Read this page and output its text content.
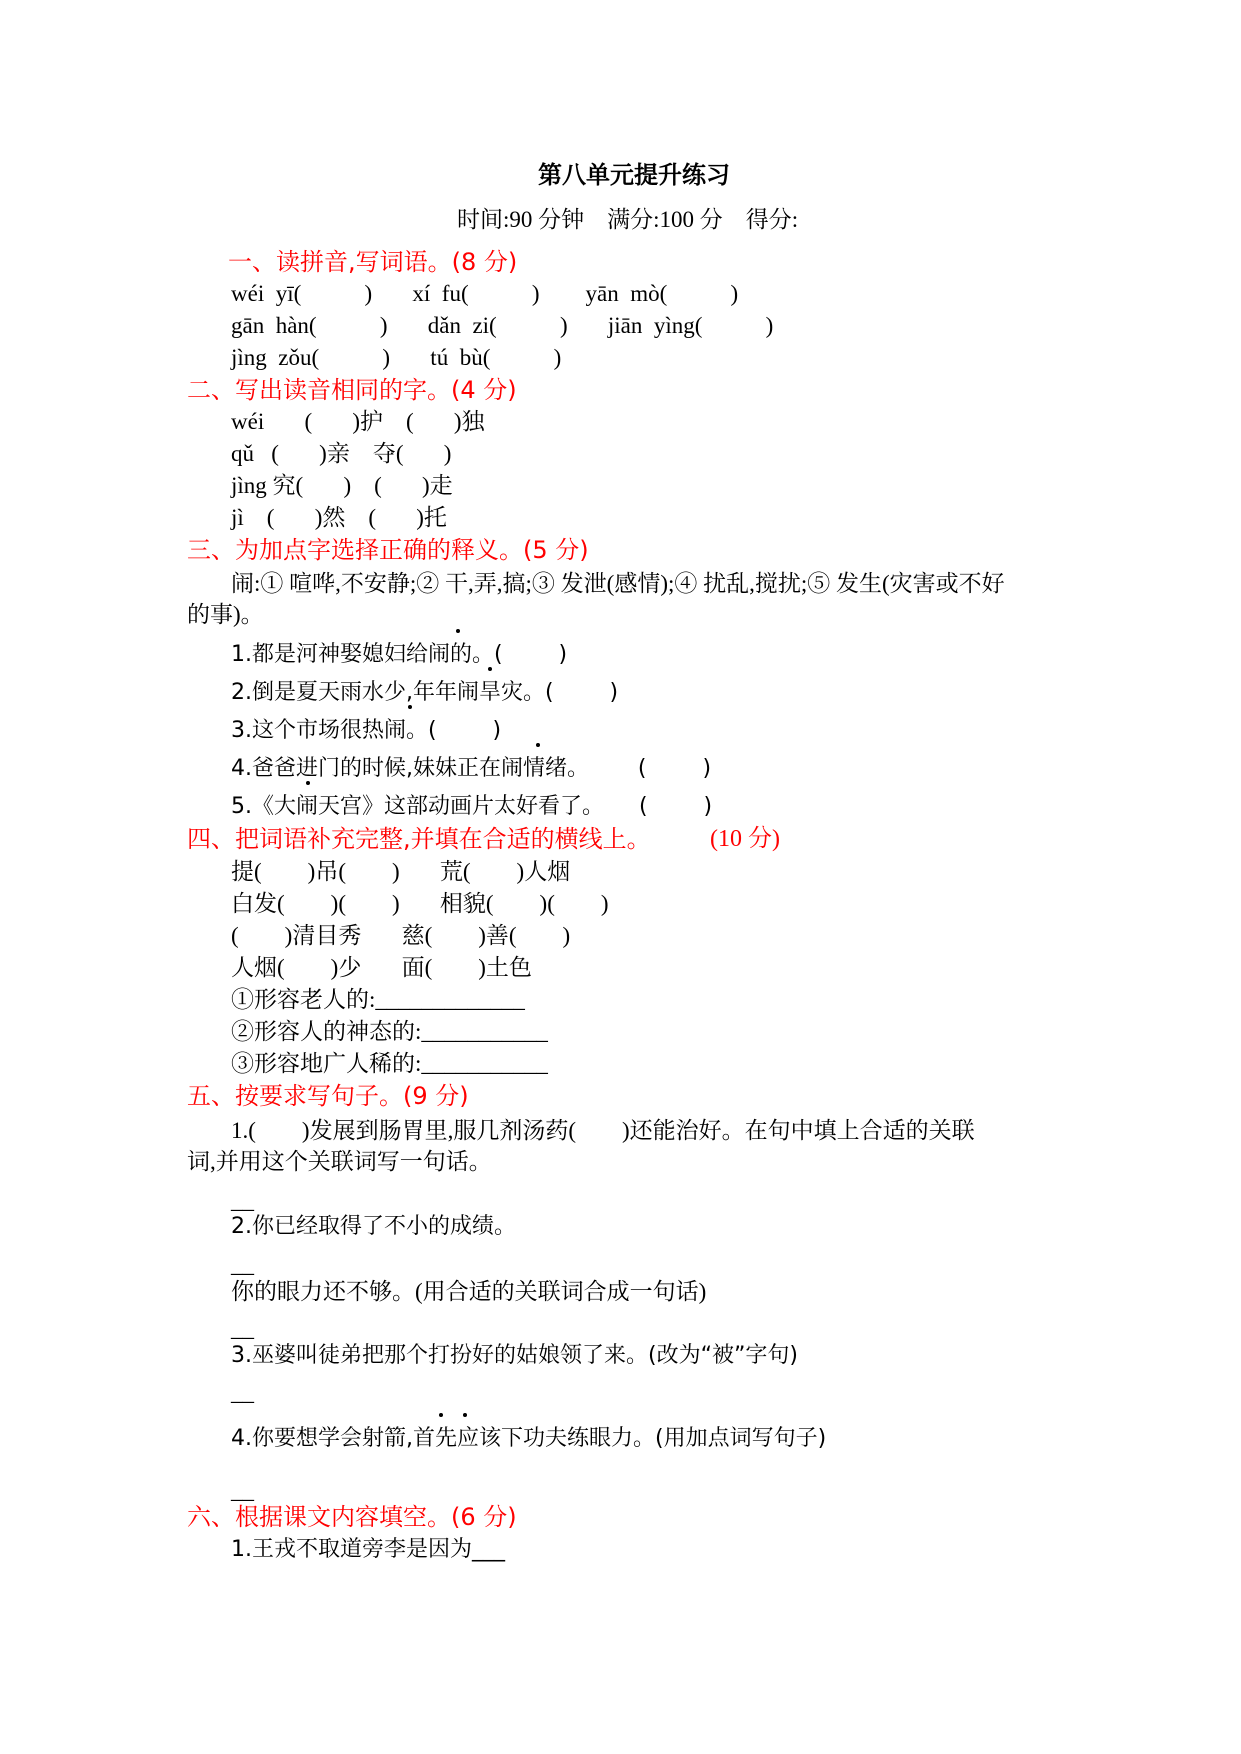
第八单元提升练习
时间:90 分钟    满分:100 分    得分:
一、读拼音,写词语。(8 分)
wéi  yī(           )       xí  fu(           )        yān  mò(           )
gān  hàn(           )       dǎn  zi(           )       jiān  yìng(           )
jìng  zǒu(           )       tú  bù(           )
二、写出读音相同的字。(4 分)
wéi       (       )护    (       )独
qǔ   (       )亲    夺(       )
jìng 究(       )    (       )走
jì    (       )然    (       )托
三、为加点字选择正确的释义。(5 分)
闹:① 喧哗,不安静;② 干,弄,搞;③ 发泄(感情);④ 扰乱,搅扰;⑤ 发生(灾害或不好
的事)。
1.都是河神娶媳妇给闹的。(        )
2.倒是夏天雨水少,年年闹旱灾。(        )
3.这个市场很热闹。(        )
4.爸爸进门的时候,妹妹正在闹情绪。       (        )
5.《大闹天宫》这部动画片太好看了。     (        )
四、把词语补充完整,并填在合适的横线上。 (10 分)
提(        )吊(        )       荒(        )人烟
白发(        )(        )       相貌(        )(        )
(        )清目秀       慈(        )善(        )
人烟(        )少       面(        )土色
①形容老人的:_____________
②形容人的神态的:___________
③形容地广人稀的:___________
五、按要求写句子。(9 分)
1.(        )发展到肠胃里,服几剂汤药(        )还能治好。在句中填上合适的关联
词,并用这个关联词写一句话。
__
2.你已经取得了不小的成绩。
__
你的眼力还不够。(用合适的关联词合成一句话)
__
3.巫婆叫徒弟把那个打扮好的姑娘领了来。(改为“被”字句)
__
4.你要想学会射箭,首先应该下功夫练眼力。(用加点词写句子)
__
六、根据课文内容填空。(6 分)
1.王戎不取道旁李是因为___
